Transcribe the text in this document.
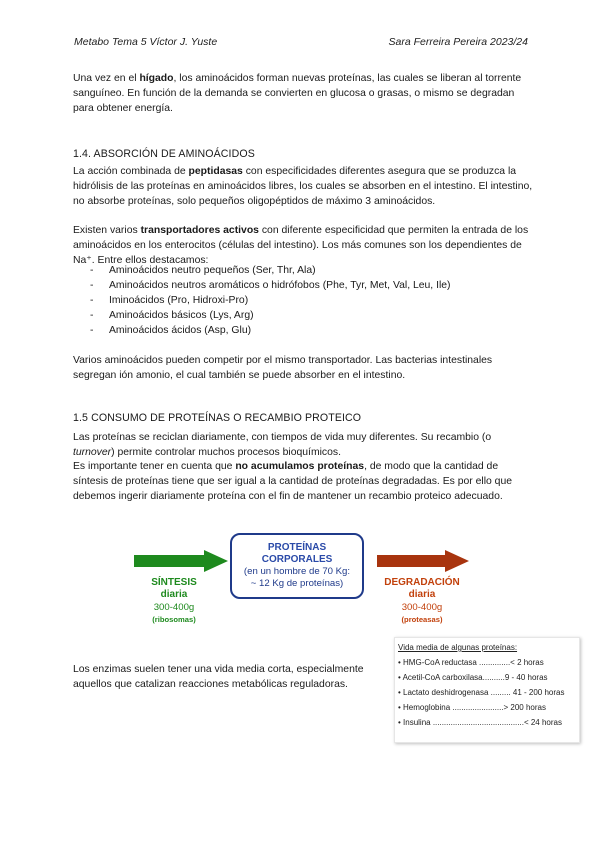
Metabo Tema 5 Víctor J. Yuste	Sara Ferreira Pereira 2023/24

Una vez en el hígado, los aminoácidos forman nuevas proteínas, las cuales se liberan al torrente sanguíneo. En función de la demanda se convierten en glucosa o grasas, o mismo se degradan para obtener energía.

1.4. ABSORCIÓN DE AMINOÁCIDOS

La acción combinada de peptidasas con especificidades diferentes asegura que se produzca la hidrólisis de las proteínas en aminoácidos libres, los cuales se absorben en el intestino. El intestino, no absorbe proteínas, solo pequeños oligopéptidos de máximo 3 aminoácidos.

Existen varios transportadores activos con diferente especificidad que permiten la entrada de los aminoácidos en los enterocitos (células del intestino). Los más comunes son los dependientes de Na⁺. Entre ellos destacamos:

- Aminoácidos neutro pequeños (Ser, Thr, Ala)
- Aminoácidos neutros aromáticos o hidrófobos (Phe, Tyr, Met, Val, Leu, Ile)
- Iminoácidos (Pro, Hidroxi-Pro)
- Aminoácidos básicos (Lys, Arg)
- Aminoácidos ácidos (Asp, Glu)

Varios aminoácidos pueden competir por el mismo transportador. Las bacterias intestinales segregan ión amonio, el cual también se puede absorber en el intestino.

1.5 CONSUMO DE PROTEÍNAS O RECAMBIO PROTEICO

Las proteínas se reciclan diariamente, con tiempos de vida muy diferentes. Su recambio (o turnover) permite controlar muchos procesos bioquímicos.

Es importante tener en cuenta que no acumulamos proteínas, de modo que la cantidad de síntesis de proteínas tiene que ser igual a la cantidad de proteínas degradadas. Es por ello que debemos ingerir diariamente proteína con el fin de mantener un recambio proteico adecuado.

PROTEÍNAS
CORPORALES
(en un hombre de 70 Kg:
~ 12 Kg de proteínas)
SÍNTESIS
diaria
300-400g
(ribosomas)
DEGRADACIÓN
diaria
300-400g
(proteasas)

Los enzimas suelen tener una vida media corta, especialmente aquellos que catalizan reacciones metabólicas reguladoras.

Vida media de algunas proteínas:
• HMG-CoA reductasa ..............< 2 horas
• Acetil-CoA carboxilasa..........9 - 40 horas
• Lactato deshidrogenasa ......... 41 - 200 horas
• Hemoglobina .......................> 200 horas
• Insulina .........................................< 24 horas
